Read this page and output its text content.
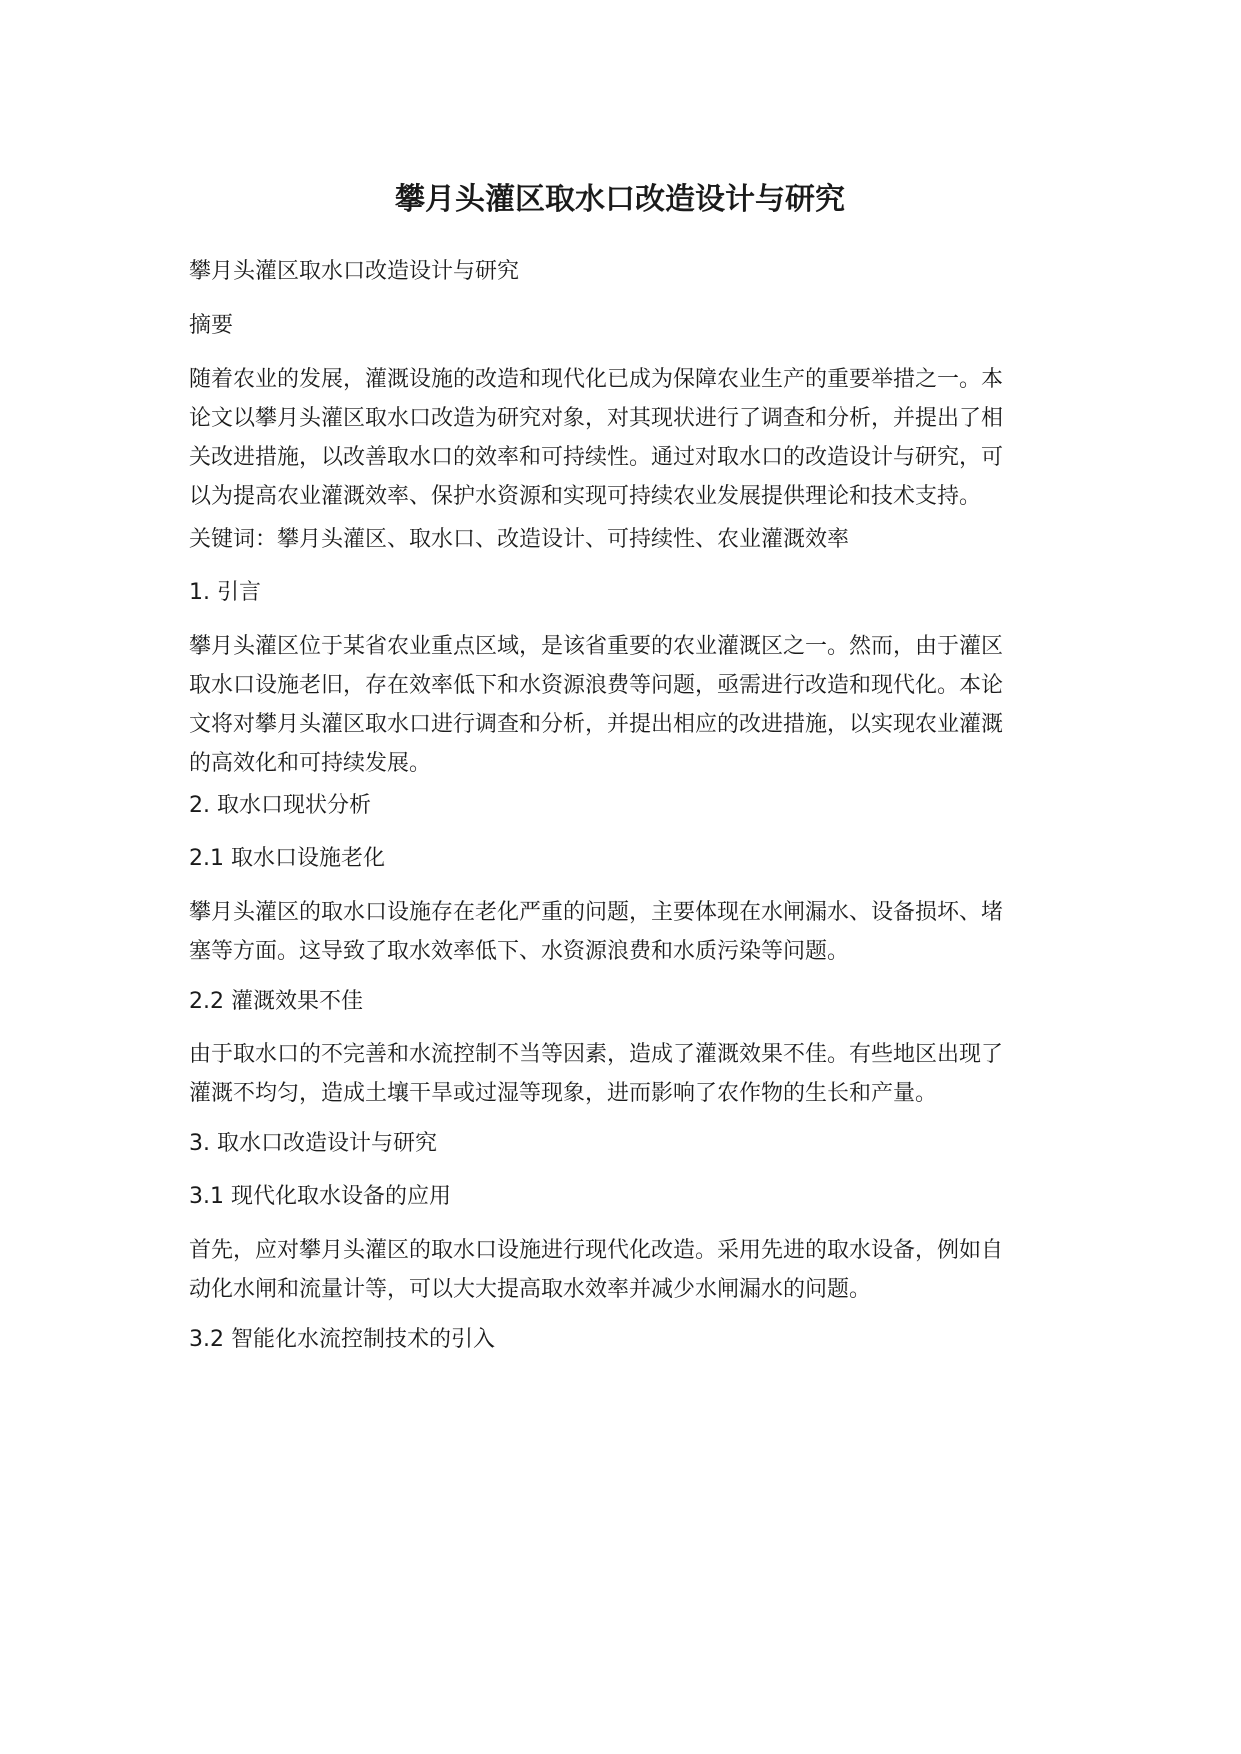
攀月头灌区取水口改造设计与研究

攀月头灌区取水口改造设计与研究

摘要

随着农业的发展，灌溉设施的改造和现代化已成为保障农业生产的重要举措之一。本
论文以攀月头灌区取水口改造为研究对象，对其现状进行了调查和分析，并提出了相
关改进措施，以改善取水口的效率和可持续性。通过对取水口的改造设计与研究，可
以为提高农业灌溉效率、保护水资源和实现可持续农业发展提供理论和技术支持。

关键词：攀月头灌区、取水口、改造设计、可持续性、农业灌溉效率

1. 引言

攀月头灌区位于某省农业重点区域，是该省重要的农业灌溉区之一。然而，由于灌区
取水口设施老旧，存在效率低下和水资源浪费等问题，亟需进行改造和现代化。本论
文将对攀月头灌区取水口进行调查和分析，并提出相应的改进措施，以实现农业灌溉
的高效化和可持续发展。

2. 取水口现状分析

2.1 取水口设施老化

攀月头灌区的取水口设施存在老化严重的问题，主要体现在水闸漏水、设备损坏、堵
塞等方面。这导致了取水效率低下、水资源浪费和水质污染等问题。

2.2 灌溉效果不佳

由于取水口的不完善和水流控制不当等因素，造成了灌溉效果不佳。有些地区出现了
灌溉不均匀，造成土壤干旱或过湿等现象，进而影响了农作物的生长和产量。

3. 取水口改造设计与研究

3.1 现代化取水设备的应用

首先，应对攀月头灌区的取水口设施进行现代化改造。采用先进的取水设备，例如自
动化水闸和流量计等，可以大大提高取水效率并减少水闸漏水的问题。

3.2 智能化水流控制技术的引入
